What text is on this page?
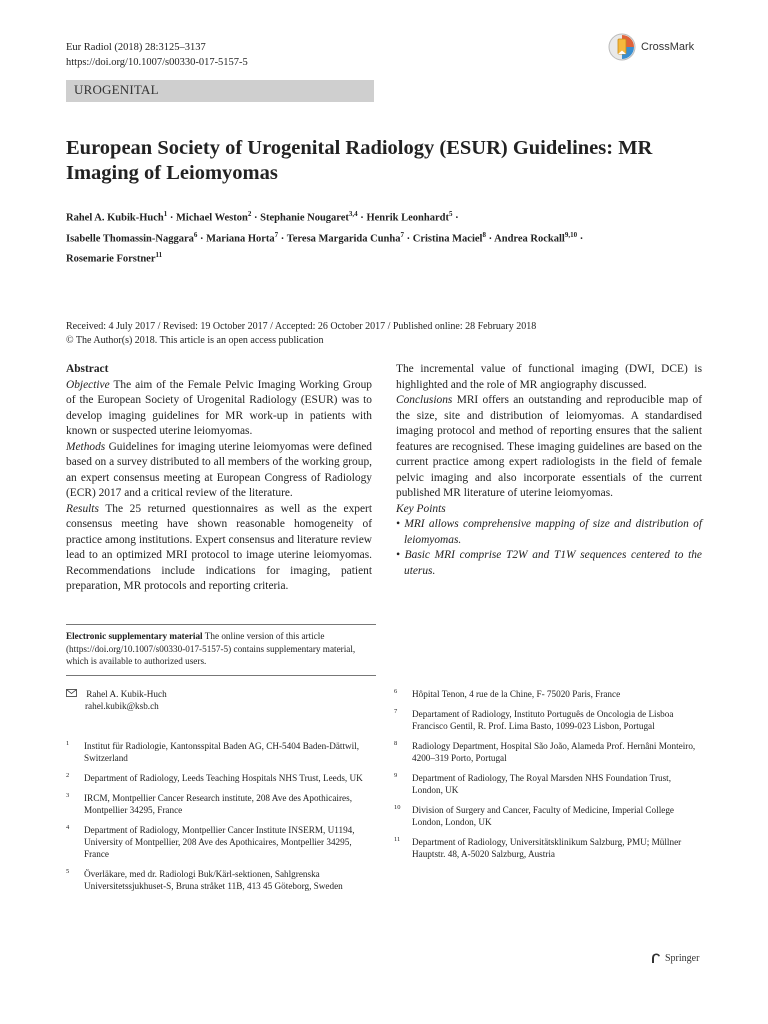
Eur Radiol (2018) 28:3125–3137
https://doi.org/10.1007/s00330-017-5157-5
CrossMark
UROGENITAL
European Society of Urogenital Radiology (ESUR) Guidelines: MR Imaging of Leiomyomas
Rahel A. Kubik-Huch$^1$ · Michael Weston$^2$ · Stephanie Nougaret$^{3,4}$ · Henrik Leonhardt$^5$ ·
Isabelle Thomassin-Naggara$^6$ · Mariana Horta$^7$ · Teresa Margarida Cunha$^7$ · Cristina Maciel$^8$ · Andrea Rockall$^{9,10}$ ·
Rosemarie Forstner$^{11}$
Received: 4 July 2017 / Revised: 19 October 2017 / Accepted: 26 October 2017 / Published online: 28 February 2018
© The Author(s) 2018. This article is an open access publication

Abstract

Objective The aim of the Female Pelvic Imaging Working Group of the European Society of Urogenital Radiology (ESUR) was to develop imaging guidelines for MR work-up in patients with known or suspected uterine leiomyomas.

Methods Guidelines for imaging uterine leiomyomas were defined based on a survey distributed to all members of the working group, an expert consensus meeting at European Congress of Radiology (ECR) 2017 and a critical review of the literature.

Results The 25 returned questionnaires as well as the expert consensus meeting have shown reasonable homogeneity of practice among institutions. Expert consensus and literature review lead to an optimized MRI protocol to image uterine leiomyomas. Recommendations include indications for imaging, patient preparation, MR protocols and reporting criteria.

The incremental value of functional imaging (DWI, DCE) is highlighted and the role of MR angiography discussed.

Conclusions MRI offers an outstanding and reproducible map of the size, site and distribution of leiomyomas. A standardised imaging protocol and method of reporting ensures that the salient features are recognised. These imaging guidelines are based on the current practice among expert radiologists in the field of female pelvic imaging and also incorporate essentials of the current published MR literature of uterine leiomyomas.

Key Points

• MRI allows comprehensive mapping of size and distribution of leiomyomas.
• Basic MRI comprise T2W and T1W sequences centered to the uterus.
Electronic supplementary material The online version of this article (https://doi.org/10.1007/s00330-017-5157-5) contains supplementary material, which is available to authorized users.
Rahel A. Kubik-Huch
rahel.kubik@ksb.ch
1 Institut für Radiologie, Kantonsspital Baden AG, CH-5404 Baden-Dättwil, Switzerland
2 Department of Radiology, Leeds Teaching Hospitals NHS Trust, Leeds, UK
3 IRCM, Montpellier Cancer Research institute, 208 Ave des Apothicaires, Montpellier 34295, France
4 Department of Radiology, Montpellier Cancer Institute INSERM, U1194, University of Montpellier, 208 Ave des Apothicaires, Montpellier 34295, France
5 Överläkare, med dr. Radiologi Buk/Kärl-sektionen, Sahlgrenska Universitetssjukhuset-S, Bruna stråket 11B, 413 45 Göteborg, Sweden
6 Hôpital Tenon, 4 rue de la Chine, F- 75020 Paris, France
7 Departament of Radiology, Instituto Português de Oncologia de Lisboa Francisco Gentil, R. Prof. Lima Basto, 1099-023 Lisbon, Portugal
8 Radiology Department, Hospital São João, Alameda Prof. Hernâni Monteiro, 4200–319 Porto, Portugal
9 Department of Radiology, The Royal Marsden NHS Foundation Trust, London, UK
10 Division of Surgery and Cancer, Faculty of Medicine, Imperial College London, London, UK
11 Department of Radiology, Universitätsklinikum Salzburg, PMU; Müllner Hauptstr. 48, A-5020 Salzburg, Austria
Springer
